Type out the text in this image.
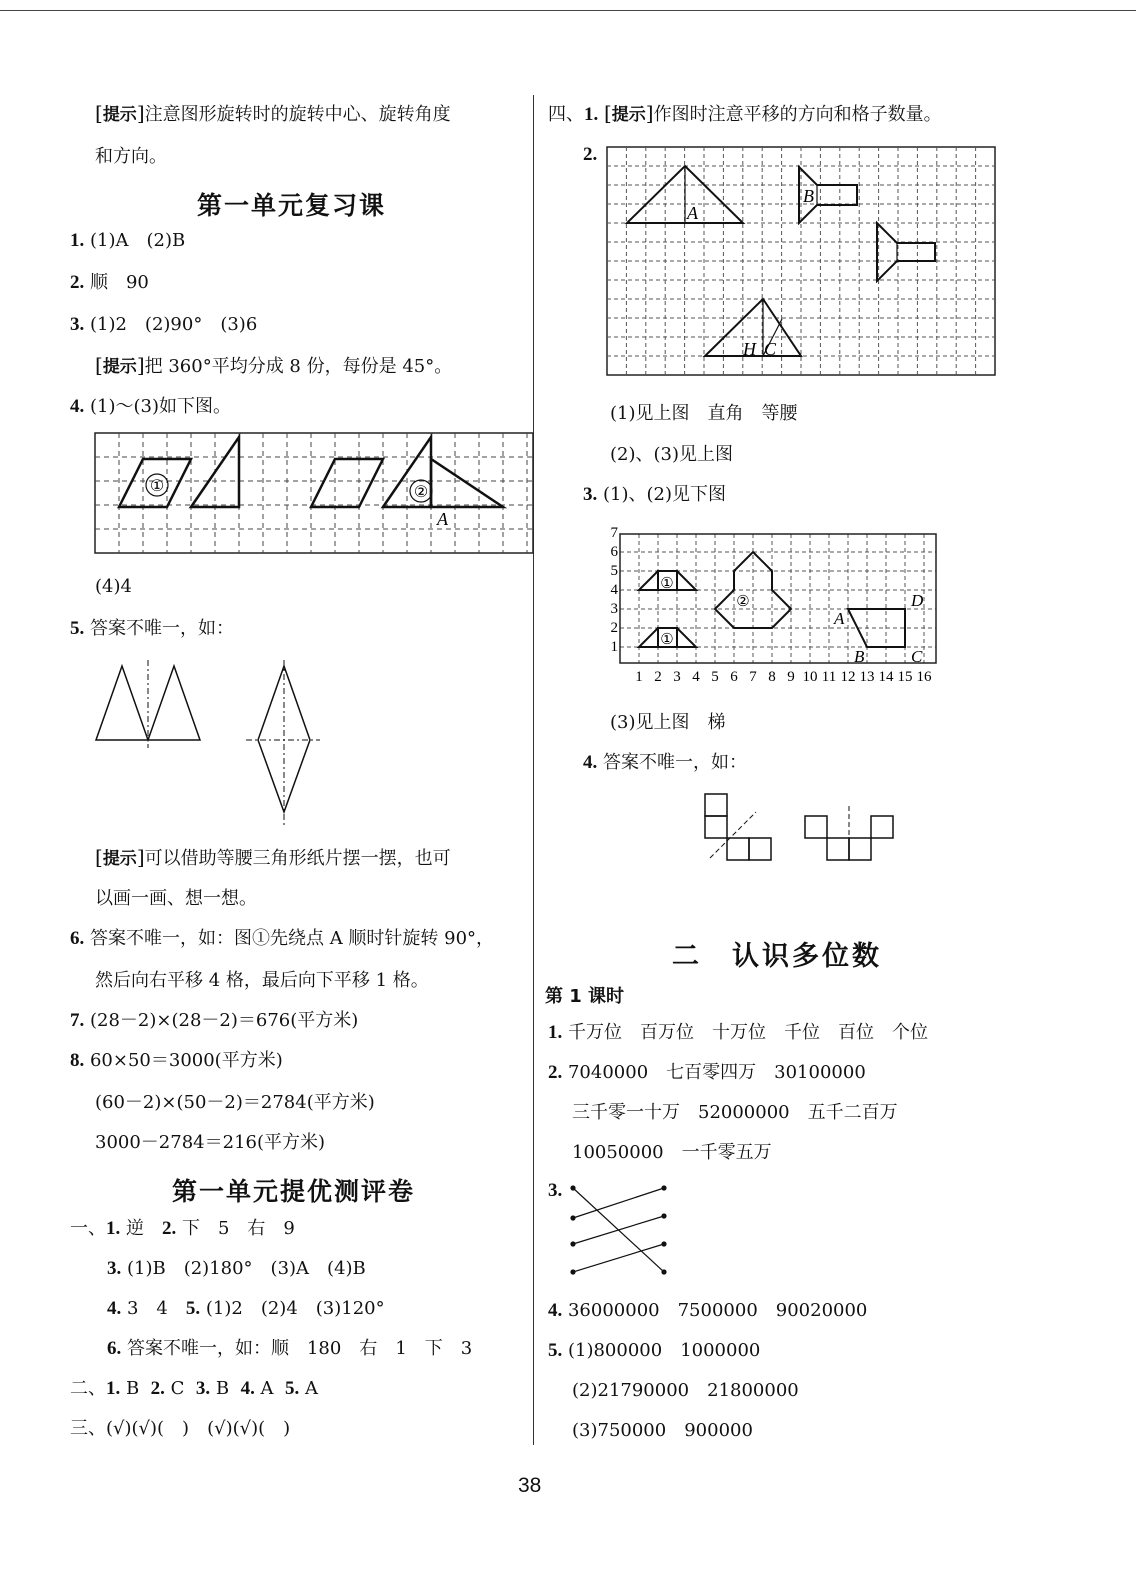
[提示]注意图形旋转时的旋转中心、旋转角度
和方向。
第一单元复习课
1. (1)A　(2)B
2. 顺　90
3. (1)2　(2)90°　(3)6
[提示]把 360°平均分成 8 份，每份是 45°。
4. (1)～(3)如下图。
①	②
A
(4)4
5. 答案不唯一，如：
[提示]可以借助等腰三角形纸片摆一摆，也可
以画一画、想一想。
6. 答案不唯一，如：图①先绕点 A 顺时针旋转 90°，
然后向右平移 4 格，最后向下平移 1 格。
7. (28－2)×(28－2)＝676(平方米)
8. 60×50＝3000(平方米)
(60－2)×(50－2)＝2784(平方米)
3000－2784＝216(平方米)
第一单元提优测评卷
一、1. 逆　2. 下　5　右　9
3. (1)B　(2)180°　(3)A　(4)B
4. 3　4　5. (1)2　(2)4　(3)120°
6. 答案不唯一，如：顺　180　右　1　下　3
二、1. B 2. C 3. B 4. A 5. A
三、(√)(√)(　)　(√)(√)(　)
四、1. [提示]作图时注意平移的方向和格子数量。
2.
A
B
H C
(1)见上图　直角　等腰
(2)、(3)见上图
3. (1)、(2)见下图
①
①
②
A
B	C
D
1
2
3
4
5
6
7
1 2 3 4 5 6 7 8 9 10 11 12 13 14 15 16
(3)见上图　梯
4. 答案不唯一，如：
二　认识多位数
第 1 课时
1. 千万位　百万位　十万位　千位　百位　个位
2. 7040000　七百零四万　30100000
三千零一十万　52000000　五千二百万
10050000　一千零五万
3.
4. 36000000　7500000　90020000
5. (1)800000　1000000
(2)21790000　21800000
(3)750000　900000
38
